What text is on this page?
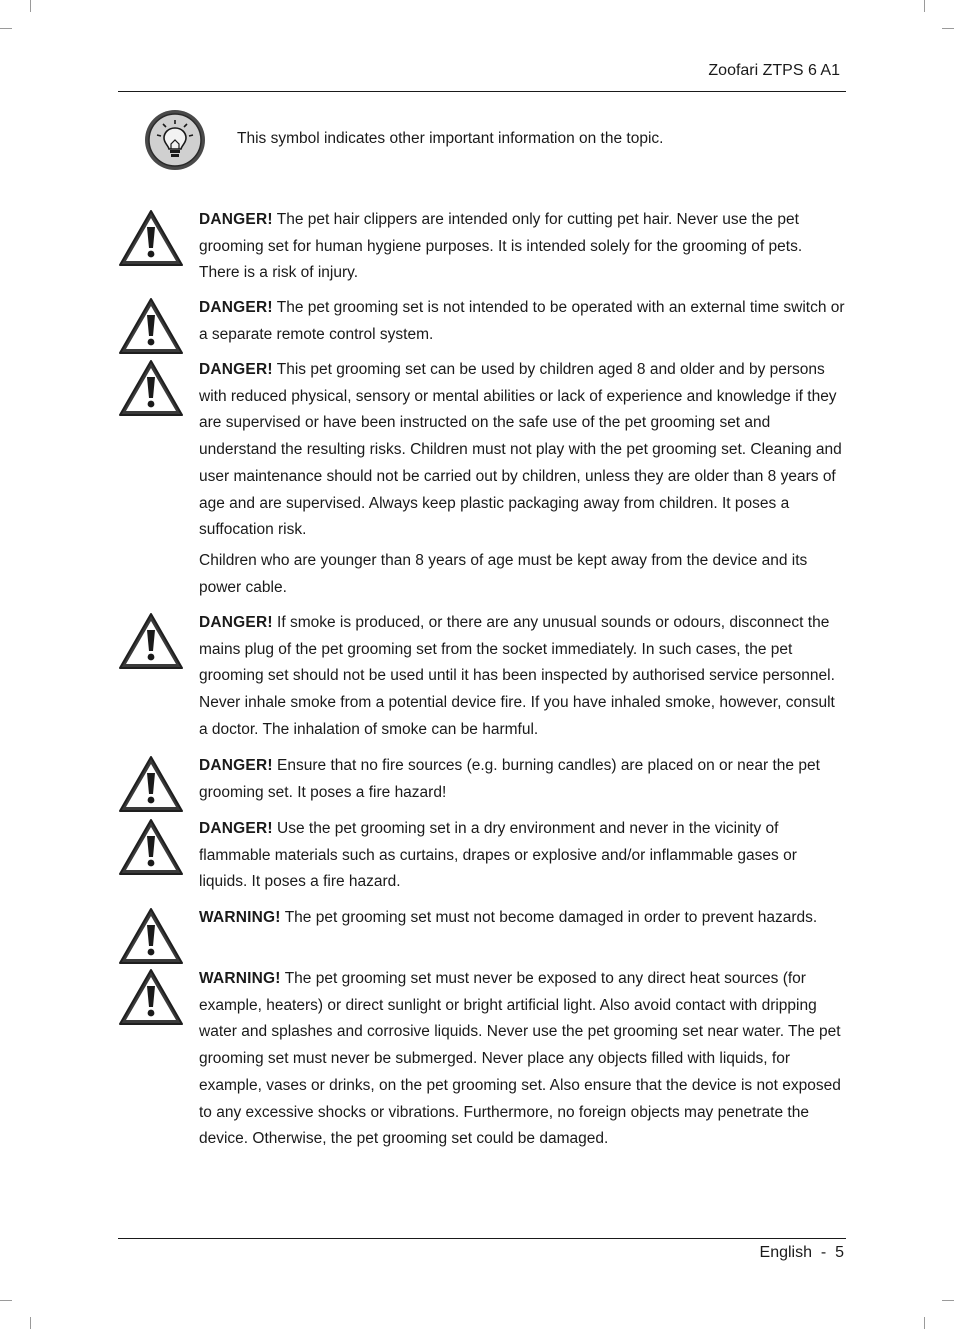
Zoofari ZTPS 6 A1
This symbol indicates other important information on the topic.

DANGER! The pet hair clippers are intended only for cutting pet hair. Never use the pet grooming set for human hygiene purposes. It is intended solely for the grooming of pets. There is a risk of injury.

DANGER! The pet grooming set is not intended to be operated with an external time switch or a separate remote control system.

DANGER! This pet grooming set can be used by children aged 8 and older and by persons with reduced physical, sensory or mental abilities or lack of experience and knowledge if they are supervised or have been instructed on the safe use of the pet grooming set and understand the resulting risks. Children must not play with the pet grooming set. Cleaning and user maintenance should not be carried out by children, unless they are older than 8 years of age and are supervised. Always keep plastic packaging away from children. It poses a suffocation risk.

Children who are younger than 8 years of age must be kept away from the device and its power cable.

DANGER! If smoke is produced, or there are any unusual sounds or odours, disconnect the mains plug of the pet grooming set from the socket immediately. In such cases, the pet grooming set should not be used until it has been inspected by authorised service personnel. Never inhale smoke from a potential device fire. If you have inhaled smoke, however, consult a doctor. The inhalation of smoke can be harmful.

DANGER! Ensure that no fire sources (e.g. burning candles) are placed on or near the pet grooming set. It poses a fire hazard!

DANGER! Use the pet grooming set in a dry environment and never in the vicinity of flammable materials such as curtains, drapes or explosive and/or inflammable gases or liquids. It poses a fire hazard.

WARNING! The pet grooming set must not become damaged in order to prevent hazards.

WARNING! The pet grooming set must never be exposed to any direct heat sources (for example, heaters) or direct sunlight or bright artificial light. Also avoid contact with dripping water and splashes and corrosive liquids. Never use the pet grooming set near water. The pet grooming set must never be submerged. Never place any objects filled with liquids, for example, vases or drinks, on the pet grooming set. Also ensure that the device is not exposed to any excessive shocks or vibrations. Furthermore, no foreign objects may penetrate the device. Otherwise, the pet grooming set could be damaged.

English  -  5
